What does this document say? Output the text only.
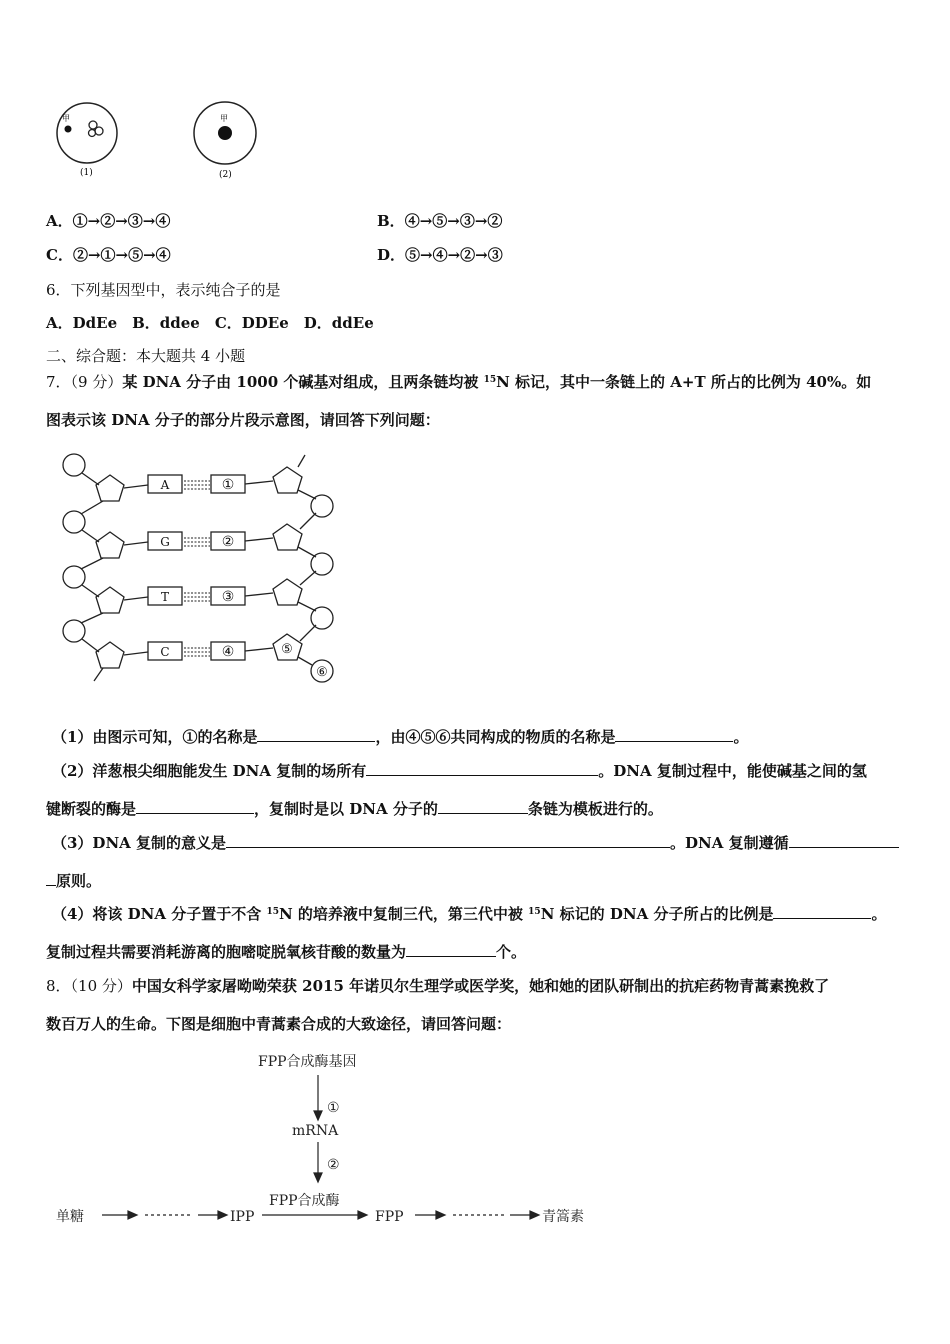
甲
(1)
甲
(2)
A．①→②→③→④	B．④→⑤→③→②
C．②→①→⑤→④	D．⑤→④→②→③
6．下列基因型中，表示纯合子的是
A．DdEe　B．ddee　C．DDEe　D．ddEe
二、综合题：本大题共 4 小题
7．（9 分）某 DNA 分子由 1000 个碱基对组成，且两条链均被 $^{15}$N 标记，其中一条链上的 A+T 所占的比例为 40%。如
图表示该 DNA 分子的部分片段示意图，请回答下列问题：
A
G
T
C
①
②
③
④	⑤
⑥
（1）由图示可知，①的名称是	，由④⑤⑥共同构成的物质的名称是	。
（2）洋葱根尖细胞能发生 DNA 复制的场所有	。DNA 复制过程中，能使碱基之间的氢
键断裂的酶是	，复制时是以 DNA 分子的	条链为模板进行的。
（3）DNA 复制的意义是	。DNA 复制遵循
原则。
（4）将该 DNA 分子置于不含 $^{15}$N 的培养液中复制三代，第三代中被 $^{15}$N 标记的 DNA 分子所占的比例是	。
复制过程共需要消耗游离的胞嘧啶脱氧核苷酸的数量为	个。
8．（10 分）中国女科学家屠呦呦荣获 2015 年诺贝尔生理学或医学奖，她和她的团队研制出的抗疟药物青蒿素挽救了
数百万人的生命。下图是细胞中青蒿素合成的大致途径，请回答问题：
FPP合成酶基因
①
mRNA
②
FPP合成酶
单糖	IPP	FPP	青篙素
